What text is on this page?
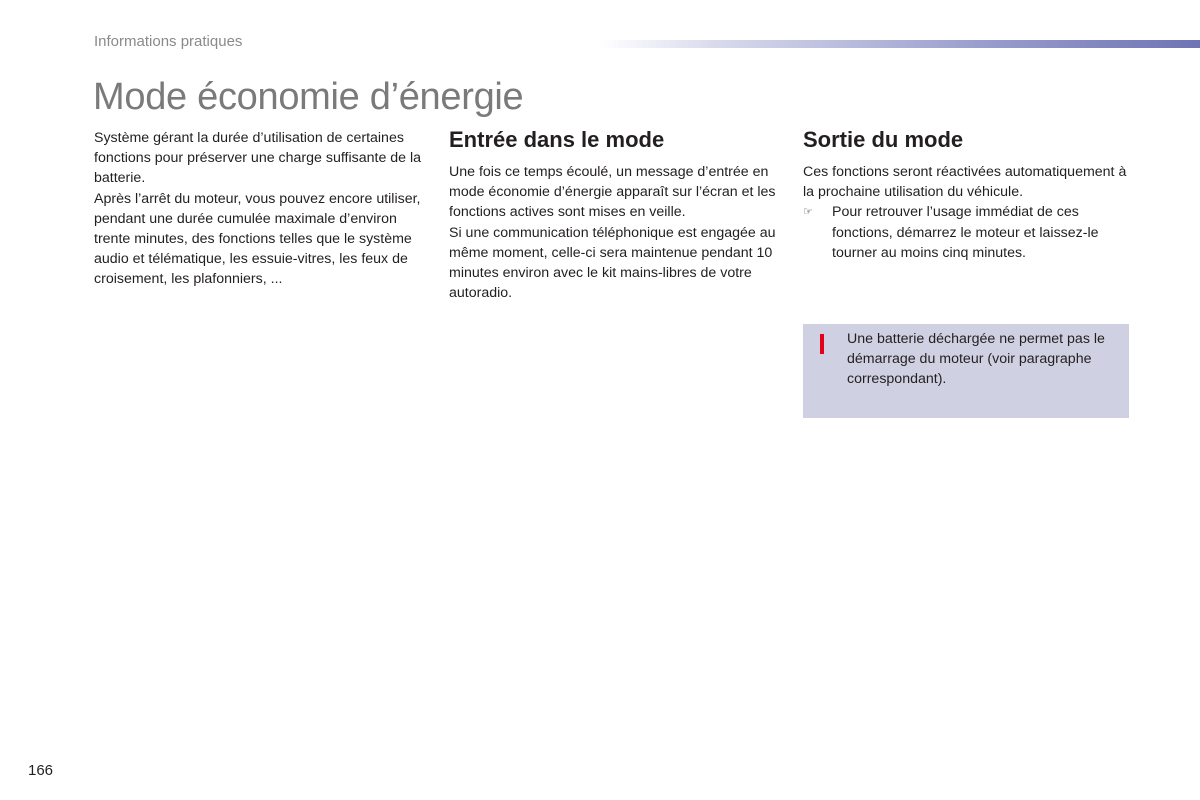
Informations pratiques
Mode économie d’énergie

Système gérant la durée d’utilisation de certaines fonctions pour préserver une charge suffisante de la batterie.

Après l’arrêt du moteur, vous pouvez encore utiliser, pendant une durée cumulée maximale d’environ trente minutes, des fonctions telles que le système audio et télématique, les essuie-vitres, les feux de croisement, les plafonniers, ...

Entrée dans le mode

Une fois ce temps écoulé, un message d’entrée en mode économie d’énergie apparaît sur l’écran et les fonctions actives sont mises en veille.

Si une communication téléphonique est engagée au même moment, celle-ci sera maintenue pendant 10 minutes environ avec le kit mains-libres de votre autoradio.

Sortie du mode

Ces fonctions seront réactivées automatiquement à la prochaine utilisation du véhicule.

☞	Pour retrouver l’usage immédiat de ces fonctions, démarrez le moteur et laissez-le tourner au moins cinq minutes.
Une batterie déchargée ne permet pas le démarrage du moteur (voir paragraphe correspondant).
166
